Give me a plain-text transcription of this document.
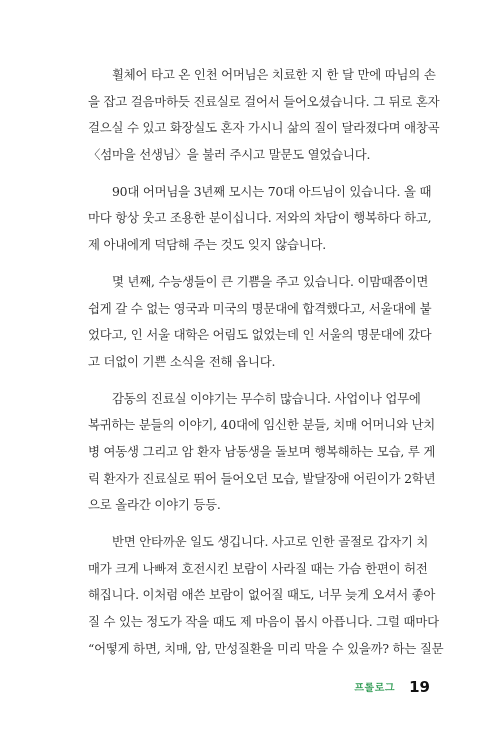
휠체어 타고 온 인천 어머님은 치료한 지 한 달 만에 따님의 손
을 잡고 걸음마하듯 진료실로 걸어서 들어오셨습니다. 그 뒤로 혼자
걸으실 수 있고 화장실도 혼자 가시니 삶의 질이 달라졌다며 애창곡
〈섬마을 선생님〉을 불러 주시고 말문도 열었습니다.

90대 어머님을 3년째 모시는 70대 아드님이 있습니다. 올 때
마다 항상 웃고 조용한 분이십니다. 저와의 차담이 행복하다 하고,
제 아내에게 덕담해 주는 것도 잊지 않습니다.

몇 년째, 수능생들이 큰 기쁨을 주고 있습니다. 이맘때쯤이면
쉽게 갈 수 없는 영국과 미국의 명문대에 합격했다고, 서울대에 붙
었다고, 인 서울 대학은 어림도 없었는데 인 서울의 명문대에 갔다
고 더없이 기쁜 소식을 전해 옵니다.

감동의 진료실 이야기는 무수히 많습니다. 사업이나 업무에
복귀하는 분들의 이야기, 40대에 임신한 분들, 치매 어머니와 난치
병 여동생 그리고 암 환자 남동생을 돌보며 행복해하는 모습, 루 게
릭 환자가 진료실로 뛰어 들어오던 모습, 발달장애 어린이가 2학년
으로 올라간 이야기 등등.

반면 안타까운 일도 생깁니다. 사고로 인한 골절로 갑자기 치
매가 크게 나빠져 호전시킨 보람이 사라질 때는 가슴 한편이 허전
해집니다. 이처럼 애쓴 보람이 없어질 때도, 너무 늦게 오셔서 좋아
질 수 있는 정도가 작을 때도 제 마음이 몹시 아픕니다. 그럴 때마다
“어떻게 하면, 치매, 암, 만성질환을 미리 막을 수 있을까? 하는 질문

프롤로그 19
